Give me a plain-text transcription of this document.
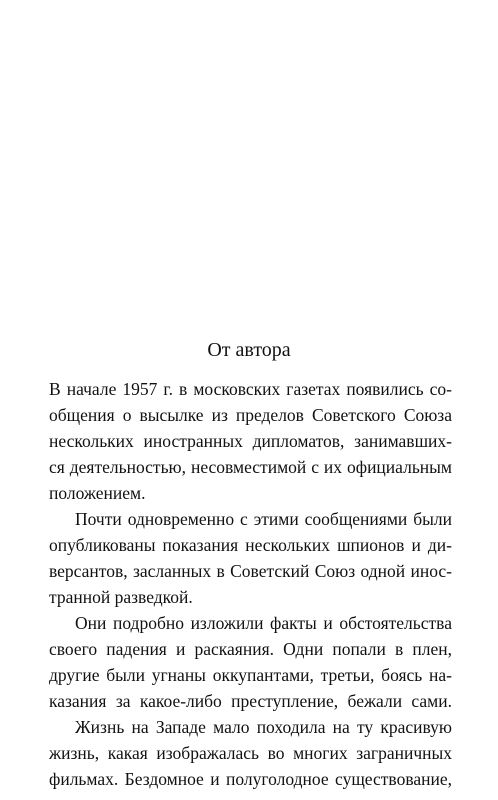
От автора
В начале 1957 г. в московских газетах появились со-
общения о высылке из пределов Советского Союза
нескольких иностранных дипломатов, занимавших-
ся деятельностью, несовместимой с их официальным
положением.
Почти одновременно с этими сообщениями были
опубликованы показания нескольких шпионов и ди-
версантов, засланных в Советский Союз одной инос-
транной разведкой.
Они подробно изложили факты и обстоятельства
своего падения и раскаяния. Одни попали в плен,
другие были угнаны оккупантами, третьи, боясь на-
казания за какое-либо преступление, бежали сами.
Жизнь на Западе мало походила на ту красивую
жизнь, какая изображалась во многих заграничных
фильмах. Бездомное и полуголодное существование,
